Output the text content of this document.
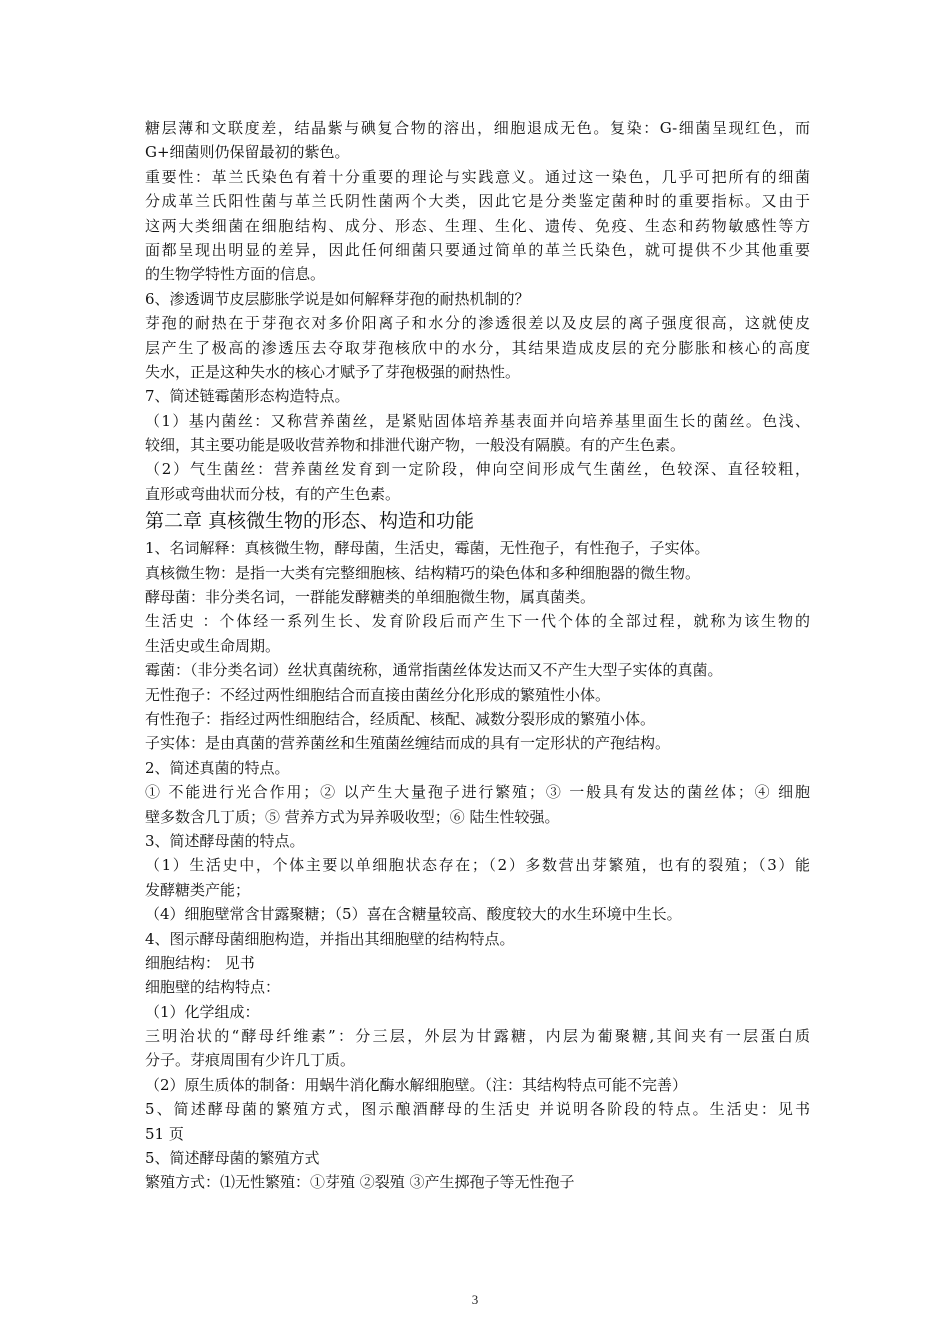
糖层薄和文联度差，结晶紫与碘复合物的溶出，细胞退成无色。复染：G-细菌呈现红色，而
G+细菌则仍保留最初的紫色。
重要性：革兰氏染色有着十分重要的理论与实践意义。通过这一染色，几乎可把所有的细菌
分成革兰氏阳性菌与革兰氏阴性菌两个大类，因此它是分类鉴定菌种时的重要指标。又由于
这两大类细菌在细胞结构、成分、形态、生理、生化、遗传、免疫、生态和药物敏感性等方
面都呈现出明显的差异，因此任何细菌只要通过简单的革兰氏染色，就可提供不少其他重要
的生物学特性方面的信息。
6、渗透调节皮层膨胀学说是如何解释芽孢的耐热机制的？
芽孢的耐热在于芽孢衣对多价阳离子和水分的渗透很差以及皮层的离子强度很高，这就使皮
层产生了极高的渗透压去夺取芽孢核欣中的水分，其结果造成皮层的充分膨胀和核心的高度
失水，正是这种失水的核心才赋予了芽孢极强的耐热性。
7、简述链霉菌形态构造特点。
（1）基内菌丝：又称营养菌丝，是紧贴固体培养基表面并向培养基里面生长的菌丝。色浅、
较细，其主要功能是吸收营养物和排泄代谢产物，一般没有隔膜。有的产生色素。
（2）气生菌丝：营养菌丝发育到一定阶段，伸向空间形成气生菌丝，色较深、直径较粗，
直形或弯曲状而分枝，有的产生色素。
第二章 真核微生物的形态、构造和功能
1、名词解释：真核微生物，酵母菌，生活史，霉菌，无性孢子，有性孢子，子实体。
真核微生物：是指一大类有完整细胞核、结构精巧的染色体和多种细胞器的微生物。
酵母菌：非分类名词，一群能发酵糖类的单细胞微生物，属真菌类。
生活史 ：个体经一系列生长、发育阶段后而产生下一代个体的全部过程，就称为该生物的
生活史或生命周期。
霉菌：（非分类名词）丝状真菌统称，通常指菌丝体发达而又不产生大型子实体的真菌。
无性孢子：不经过两性细胞结合而直接由菌丝分化形成的繁殖性小体。
有性孢子：指经过两性细胞结合，经质配、核配、减数分裂形成的繁殖小体。
子实体：是由真菌的营养菌丝和生殖菌丝缠结而成的具有一定形状的产孢结构。
2、简述真菌的特点。
① 不能进行光合作用；② 以产生大量孢子进行繁殖；③ 一般具有发达的菌丝体；④ 细胞
壁多数含几丁质；⑤ 营养方式为异养吸收型；⑥ 陆生性较强。
3、简述酵母菌的特点。
（1）生活史中，个体主要以单细胞状态存在；（2）多数营出芽繁殖，也有的裂殖；（3）能
发酵糖类产能；
（4）细胞壁常含甘露聚糖；（5）喜在含糖量较高、酸度较大的水生环境中生长。
4、图示酵母菌细胞构造，并指出其细胞壁的结构特点。
细胞结构： 见书
细胞壁的结构特点：
（1）化学组成：
三明治状的“酵母纤维素”：分三层，外层为甘露糖，内层为葡聚糖,其间夹有一层蛋白质
分子。芽痕周围有少许几丁质。
（2）原生质体的制备：用蜗牛消化酶水解细胞壁。（注：其结构特点可能不完善）
5、简述酵母菌的繁殖方式，图示酿酒酵母的生活史 并说明各阶段的特点。生活史：见书
51 页
5、简述酵母菌的繁殖方式
繁殖方式：⑴无性繁殖：①芽殖 ②裂殖 ③产生掷孢子等无性孢子
3
